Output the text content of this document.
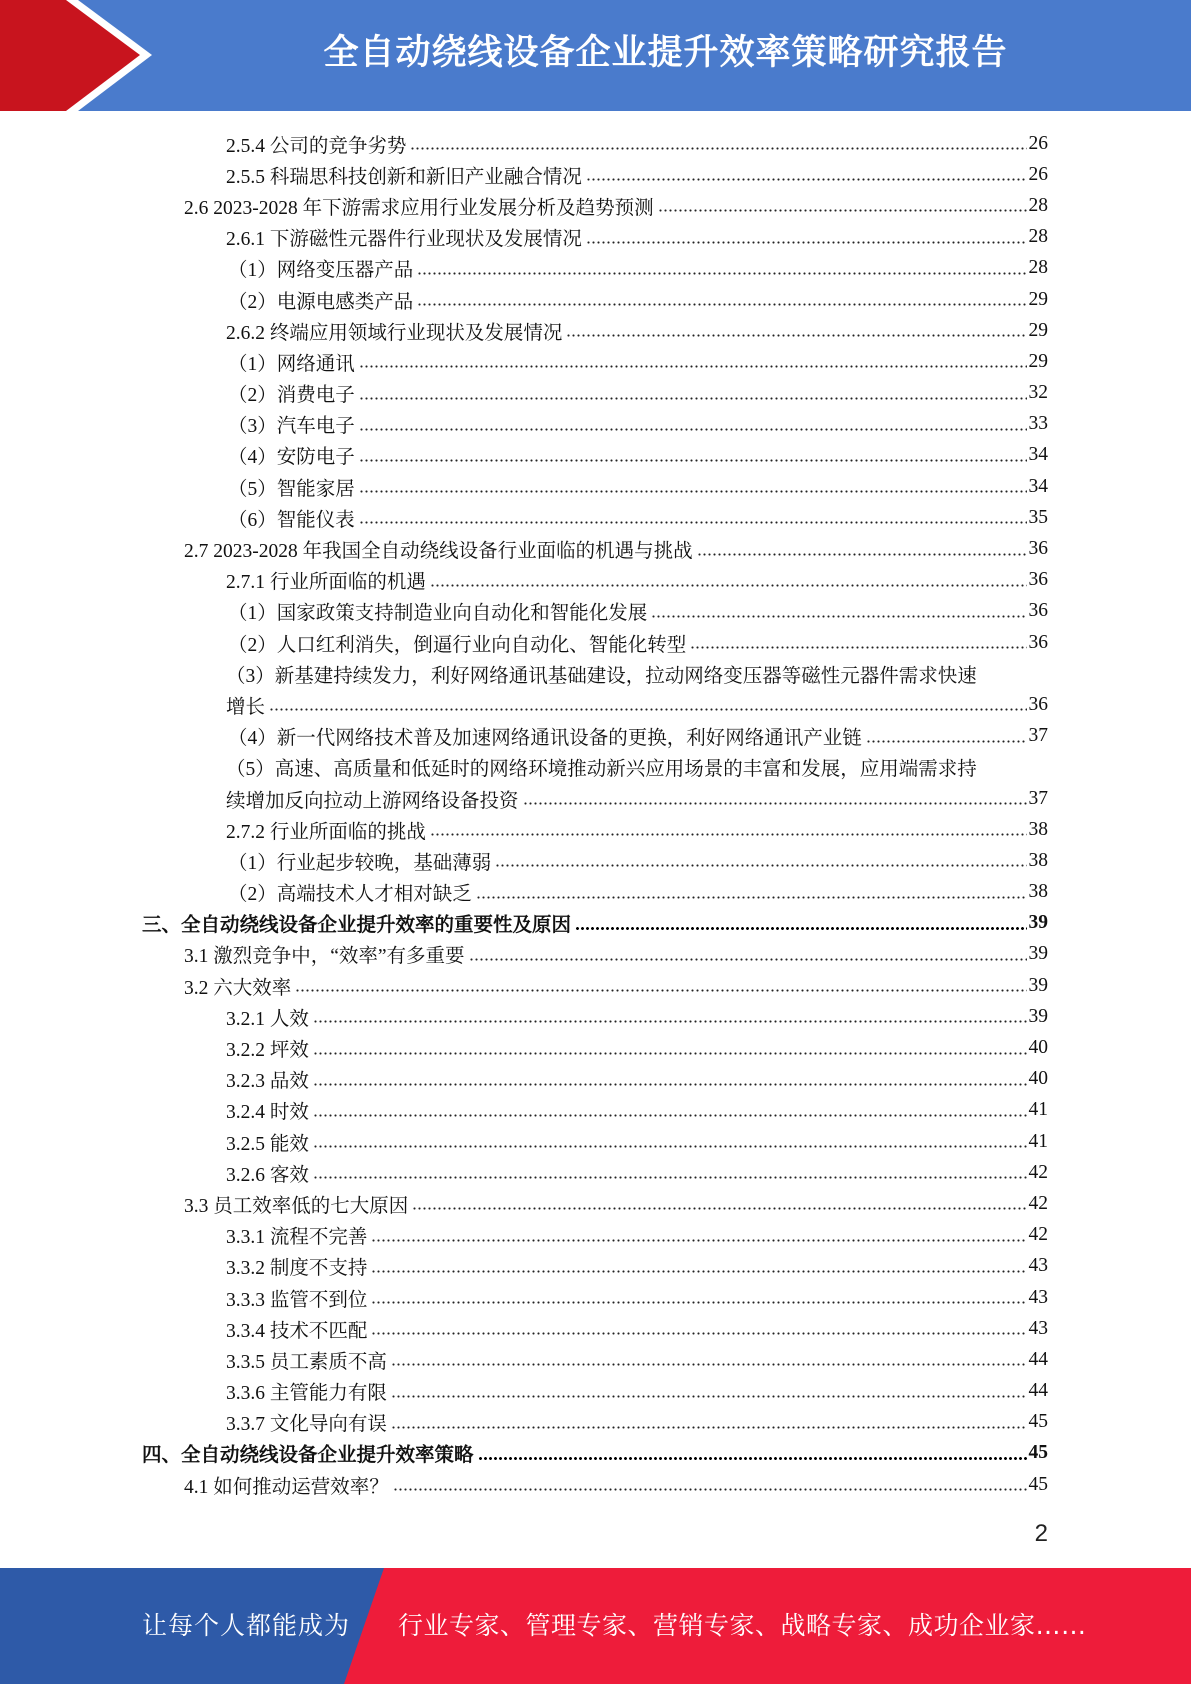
全自动绕线设备企业提升效率策略研究报告
2.5.4 公司的竞争劣势	26
2.5.5 科瑞思科技创新和新旧产业融合情况	26
2.6 2023-2028 年下游需求应用行业发展分析及趋势预测	28
2.6.1 下游磁性元器件行业现状及发展情况	28
（1）网络变压器产品	28
（2）电源电感类产品	29
2.6.2 终端应用领域行业现状及发展情况	29
（1）网络通讯	29
（2）消费电子	32
（3）汽车电子	33
（4）安防电子	34
（5）智能家居	34
（6）智能仪表	35
2.7 2023-2028 年我国全自动绕线设备行业面临的机遇与挑战	36
2.7.1 行业所面临的机遇	36
（1）国家政策支持制造业向自动化和智能化发展	36
（2）人口红利消失，倒逼行业向自动化、智能化转型	36
（3）新基建持续发力，利好网络通讯基础建设，拉动网络变压器等磁性元器件需求快速
增长	36
（4）新一代网络技术普及加速网络通讯设备的更换，利好网络通讯产业链	37
（5）高速、高质量和低延时的网络环境推动新兴应用场景的丰富和发展，应用端需求持
续增加反向拉动上游网络设备投资	37
2.7.2 行业所面临的挑战	38
（1）行业起步较晚，基础薄弱	38
（2）高端技术人才相对缺乏	38
三、全自动绕线设备企业提升效率的重要性及原因	39
3.1 激烈竞争中，“效率”有多重要	39
3.2 六大效率	39
3.2.1 人效	39
3.2.2 坪效	40
3.2.3 品效	40
3.2.4 时效	41
3.2.5 能效	41
3.2.6 客效	42
3.3 员工效率低的七大原因	42
3.3.1 流程不完善	42
3.3.2 制度不支持	43
3.3.3 监管不到位	43
3.3.4 技术不匹配	43
3.3.5 员工素质不高	44
3.3.6 主管能力有限	44
3.3.7 文化导向有误	45
四、全自动绕线设备企业提升效率策略	45
4.1 如何推动运营效率？	45
2
让每个人都能成为 行业专家、管理专家、营销专家、战略专家、成功企业家……
